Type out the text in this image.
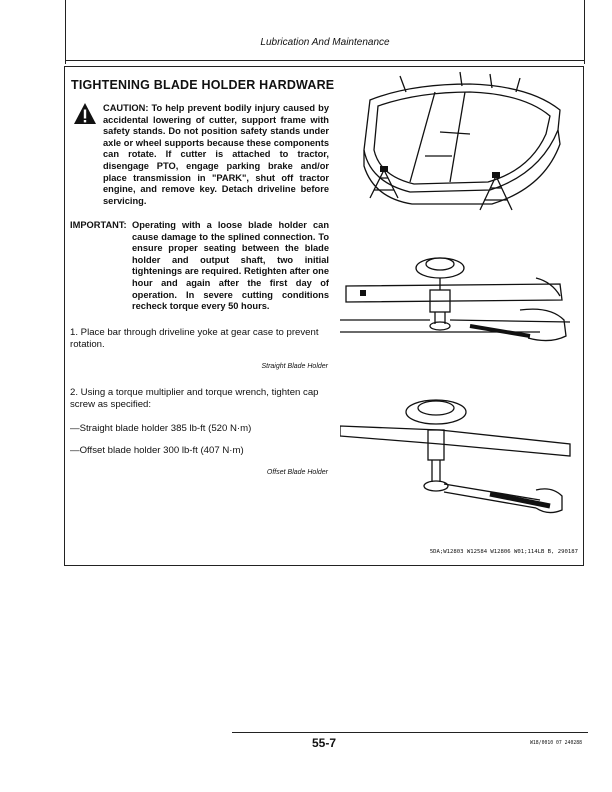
Lubrication And Maintenance
TIGHTENING BLADE HOLDER HARDWARE
CAUTION: To help prevent bodily injury caused by accidental lowering of cutter, support frame with safety stands. Do not position safety stands under axle or wheel supports because these components can rotate. If cutter is attached to tractor, disengage PTO, engage parking brake and/or place transmission in "PARK", shut off tractor engine, and remove key. Detach driveline before servicing.
IMPORTANT: Operating with a loose blade holder can cause damage to the splined connection. To ensure proper seating between the blade holder and output shaft, two initial tightenings are required. Retighten after one hour and again after the first day of operation. In severe cutting conditions recheck torque every 50 hours.
1. Place bar through driveline yoke at gear case to prevent rotation.
Straight Blade Holder
2. Using a torque multiplier and torque wrench, tighten cap screw as specified:
—Straight blade holder 385 lb-ft (520 N·m)
—Offset blade holder 300 lb-ft (407 N·m)
Offset Blade Holder
5DA;W12803 W12584 W12806 W01;114LB B, 290187
55-7	W18/0010 07 240288
